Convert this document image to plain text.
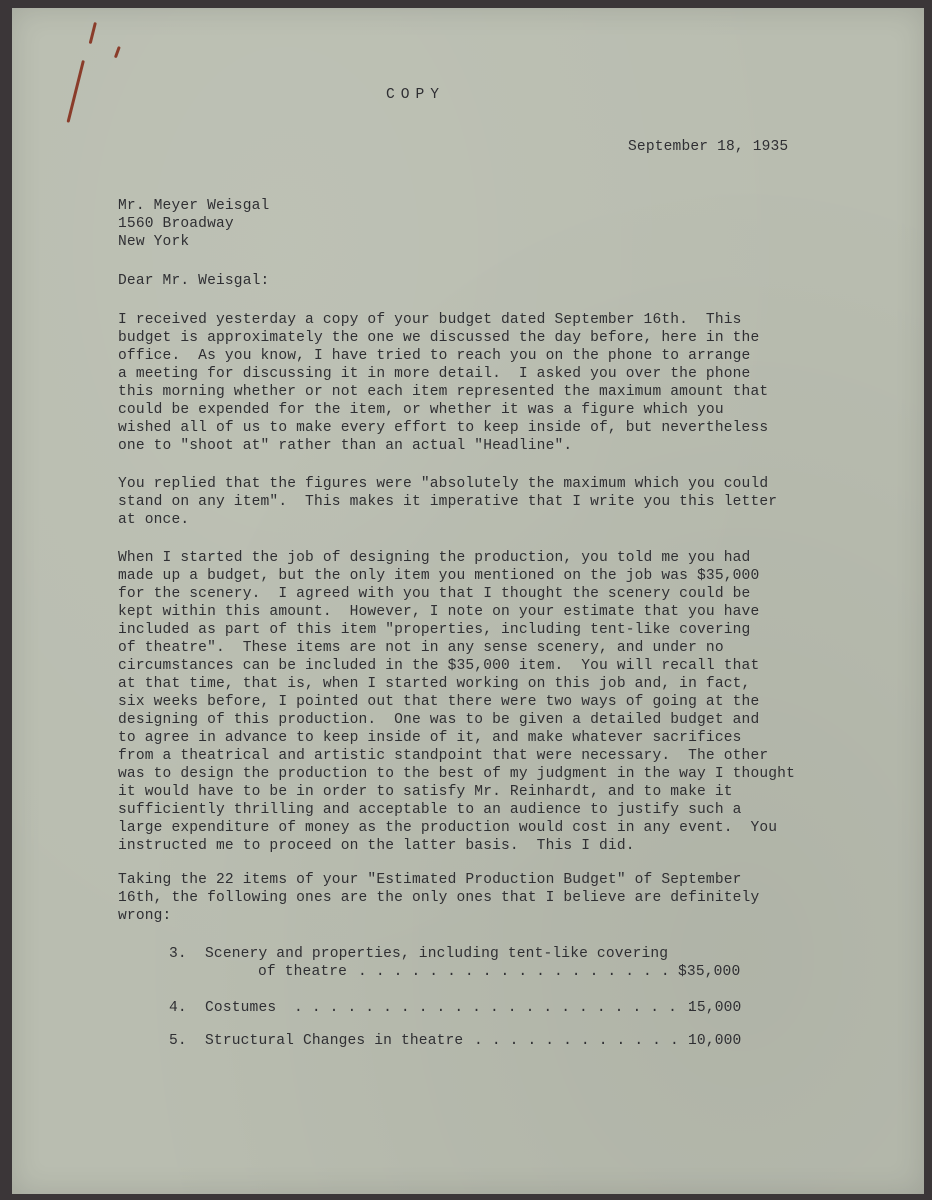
COPY
September 18, 1935
Mr. Meyer Weisgal
1560 Broadway
New York
Dear Mr. Weisgal:
I received yesterday a copy of your budget dated September 16th.  This
budget is approximately the one we discussed the day before, here in the
office.  As you know, I have tried to reach you on the phone to arrange
a meeting for discussing it in more detail.  I asked you over the phone
this morning whether or not each item represented the maximum amount that
could be expended for the item, or whether it was a figure which you
wished all of us to make every effort to keep inside of, but nevertheless
one to "shoot at" rather than an actual "Headline".
You replied that the figures were "absolutely the maximum which you could
stand on any item".  This makes it imperative that I write you this letter
at once.
When I started the job of designing the production, you told me you had
made up a budget, but the only item you mentioned on the job was $35,000
for the scenery.  I agreed with you that I thought the scenery could be
kept within this amount.  However, I note on your estimate that you have
included as part of this item "properties, including tent-like covering
of theatre".  These items are not in any sense scenery, and under no
circumstances can be included in the $35,000 item.  You will recall that
at that time, that is, when I started working on this job and, in fact,
six weeks before, I pointed out that there were two ways of going at the
designing of this production.  One was to be given a detailed budget and
to agree in advance to keep inside of it, and make whatever sacrifices
from a theatrical and artistic standpoint that were necessary.  The other
was to design the production to the best of my judgment in the way I thought
it would have to be in order to satisfy Mr. Reinhardt, and to make it
sufficiently thrilling and acceptable to an audience to justify such a
large expenditure of money as the production would cost in any event.  You
instructed me to proceed on the latter basis.  This I did.
Taking the 22 items of your "Estimated Production Budget" of September
16th, the following ones are the only ones that I believe are definitely
wrong:
3. Scenery and properties, including tent-like covering
of theatre . . . . . . . . . . . . . . . . . . $35,000
4. Costumes . . . . . . . . . . . . . . . . . . . . . . .
15,000
5. Structural Changes in theatre . . . . . . . . . . . . 10,000
